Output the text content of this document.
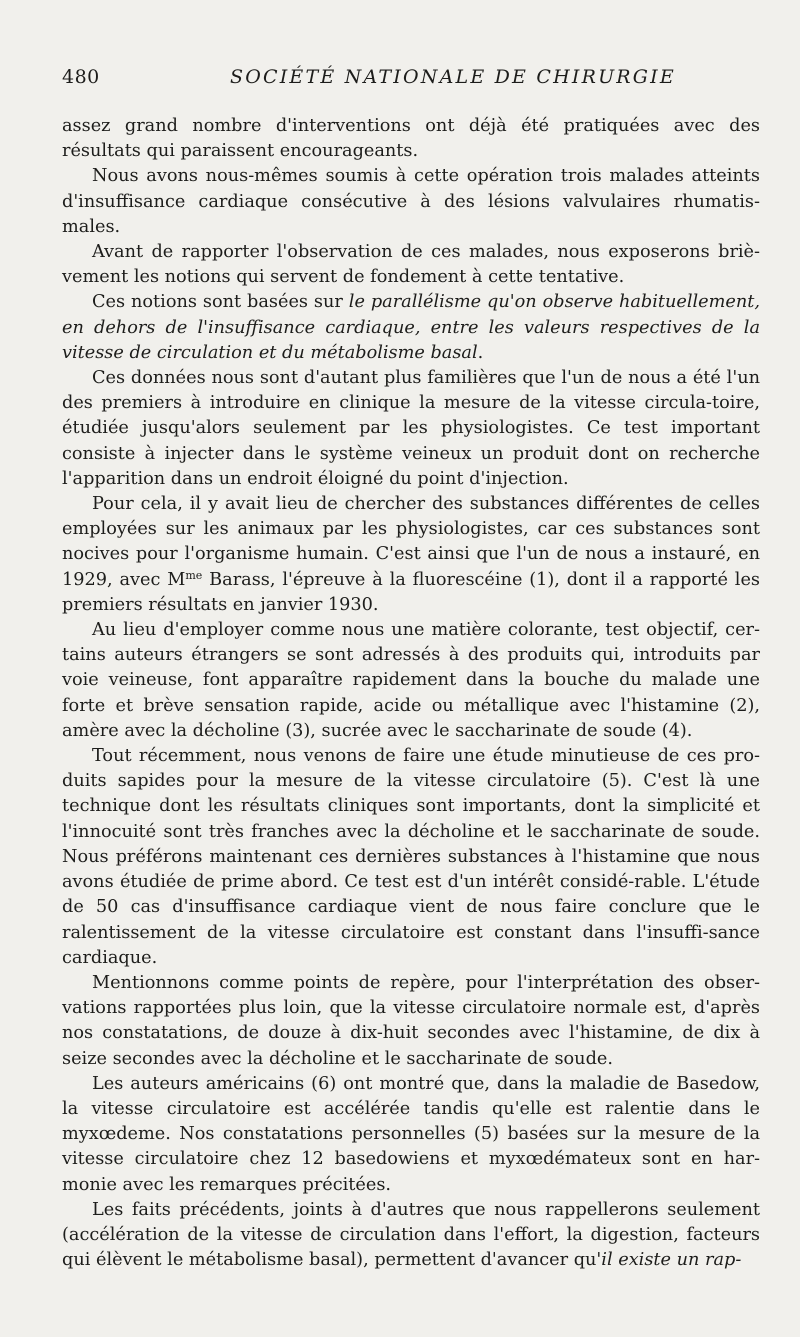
480	SOCIÉTÉ NATIONALE DE CHIRURGIE

assez grand nombre d'interventions ont déjà été pratiquées avec des résultats qui paraissent encourageants.

Nous avons nous-mêmes soumis à cette opération trois malades atteints d'insuffisance cardiaque consécutive à des lésions valvulaires rhumatis-males.

Avant de rapporter l'observation de ces malades, nous exposerons briè-vement les notions qui servent de fondement à cette tentative.

Ces notions sont basées sur le parallélisme qu'on observe habituellement, en dehors de l'insuffisance cardiaque, entre les valeurs respectives de la vitesse de circulation et du métabolisme basal.

Ces données nous sont d'autant plus familières que l'un de nous a été l'un des premiers à introduire en clinique la mesure de la vitesse circula-toire, étudiée jusqu'alors seulement par les physiologistes. Ce test important consiste à injecter dans le système veineux un produit dont on recherche l'apparition dans un endroit éloigné du point d'injection.

Pour cela, il y avait lieu de chercher des substances différentes de celles employées sur les animaux par les physiologistes, car ces substances sont nocives pour l'organisme humain. C'est ainsi que l'un de nous a instauré, en 1929, avec $M^{me}$ Barass, l'épreuve à la fluorescéine (1), dont il a rapporté les premiers résultats en janvier 1930.

Au lieu d'employer comme nous une matière colorante, test objectif, cer-tains auteurs étrangers se sont adressés à des produits qui, introduits par voie veineuse, font apparaître rapidement dans la bouche du malade une forte et brève sensation rapide, acide ou métallique avec l'histamine (2), amère avec la décholine (3), sucrée avec le saccharinate de soude (4).

Tout récemment, nous venons de faire une étude minutieuse de ces pro-duits sapides pour la mesure de la vitesse circulatoire (5). C'est là une technique dont les résultats cliniques sont importants, dont la simplicité et l'innocuité sont très franches avec la décholine et le saccharinate de soude. Nous préférons maintenant ces dernières substances à l'histamine que nous avons étudiée de prime abord. Ce test est d'un intérêt considé-rable. L'étude de 50 cas d'insuffisance cardiaque vient de nous faire conclure que le ralentissement de la vitesse circulatoire est constant dans l'insuffi-sance cardiaque.

Mentionnons comme points de repère, pour l'interprétation des obser-vations rapportées plus loin, que la vitesse circulatoire normale est, d'après nos constatations, de douze à dix-huit secondes avec l'histamine, de dix à seize secondes avec la décholine et le saccharinate de soude.

Les auteurs américains (6) ont montré que, dans la maladie de Basedow, la vitesse circulatoire est accélérée tandis qu'elle est ralentie dans le myxœdeme. Nos constatations personnelles (5) basées sur la mesure de la vitesse circulatoire chez 12 basedowiens et myxœdémateux sont en har-monie avec les remarques précitées.

Les faits précédents, joints à d'autres que nous rappellerons seulement (accélération de la vitesse de circulation dans l'effort, la digestion, facteurs qui élèvent le métabolisme basal), permettent d'avancer qu'il existe un rap-
